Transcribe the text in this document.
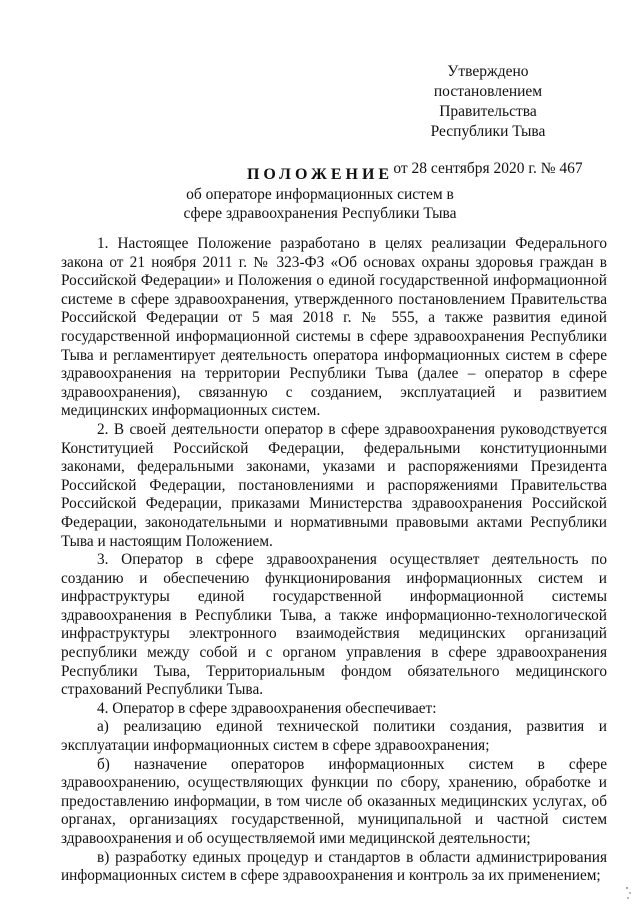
Утверждено
постановлением Правительства
Республики Тыва
от 28 сентября 2020 г. № 467
ПОЛОЖЕНИЕ
об операторе информационных систем в
сфере здравоохранения Республики Тыва

1. Настоящее Положение разработано в целях реализации Федерального закона от 21 ноября 2011 г. № 323-ФЗ «Об основах охраны здоровья граждан в Российской Федерации» и Положения о единой государственной информационной системе в сфере здравоохранения, утвержденного постановлением Правительства Российской Федерации от 5 мая 2018 г. № 555, а также развития единой государственной информационной системы в сфере здравоохранения Республики Тыва и регламентирует деятельность оператора информационных систем в сфере здравоохранения на территории Республики Тыва (далее – оператор в сфере здравоохранения), связанную с созданием, эксплуатацией и развитием медицинских информационных систем.

2. В своей деятельности оператор в сфере здравоохранения руководствуется Конституцией Российской Федерации, федеральными конституционными законами, федеральными законами, указами и распоряжениями Президента Российской Федерации, постановлениями и распоряжениями Правительства Российской Федерации, приказами Министерства здравоохранения Российской Федерации, законодательными и нормативными правовыми актами Республики Тыва и настоящим Положением.

3. Оператор в сфере здравоохранения осуществляет деятельность по созданию и обеспечению функционирования информационных систем и инфраструктуры единой государственной информационной системы здравоохранения в Республики Тыва, а также информационно-технологической инфраструктуры электронного взаимодействия медицинских организаций республики между собой и с органом управления в сфере здравоохранения Республики Тыва, Территориальным фондом обязательного медицинского страхований Республики Тыва.

4. Оператор в сфере здравоохранения обеспечивает:

а) реализацию единой технической политики создания, развития и эксплуатации информационных систем в сфере здравоохранения;

б) назначение операторов информационных систем в сфере здравоохранению, осуществляющих функции по сбору, хранению, обработке и предоставлению информации, в том числе об оказанных медицинских услугах, об органах, организациях государственной, муниципальной и частной систем здравоохранения и об осуществляемой ими медицинской деятельности;

в) разработку единых процедур и стандартов в области администрирования информационных систем в сфере здравоохранения и контроль за их применением;
